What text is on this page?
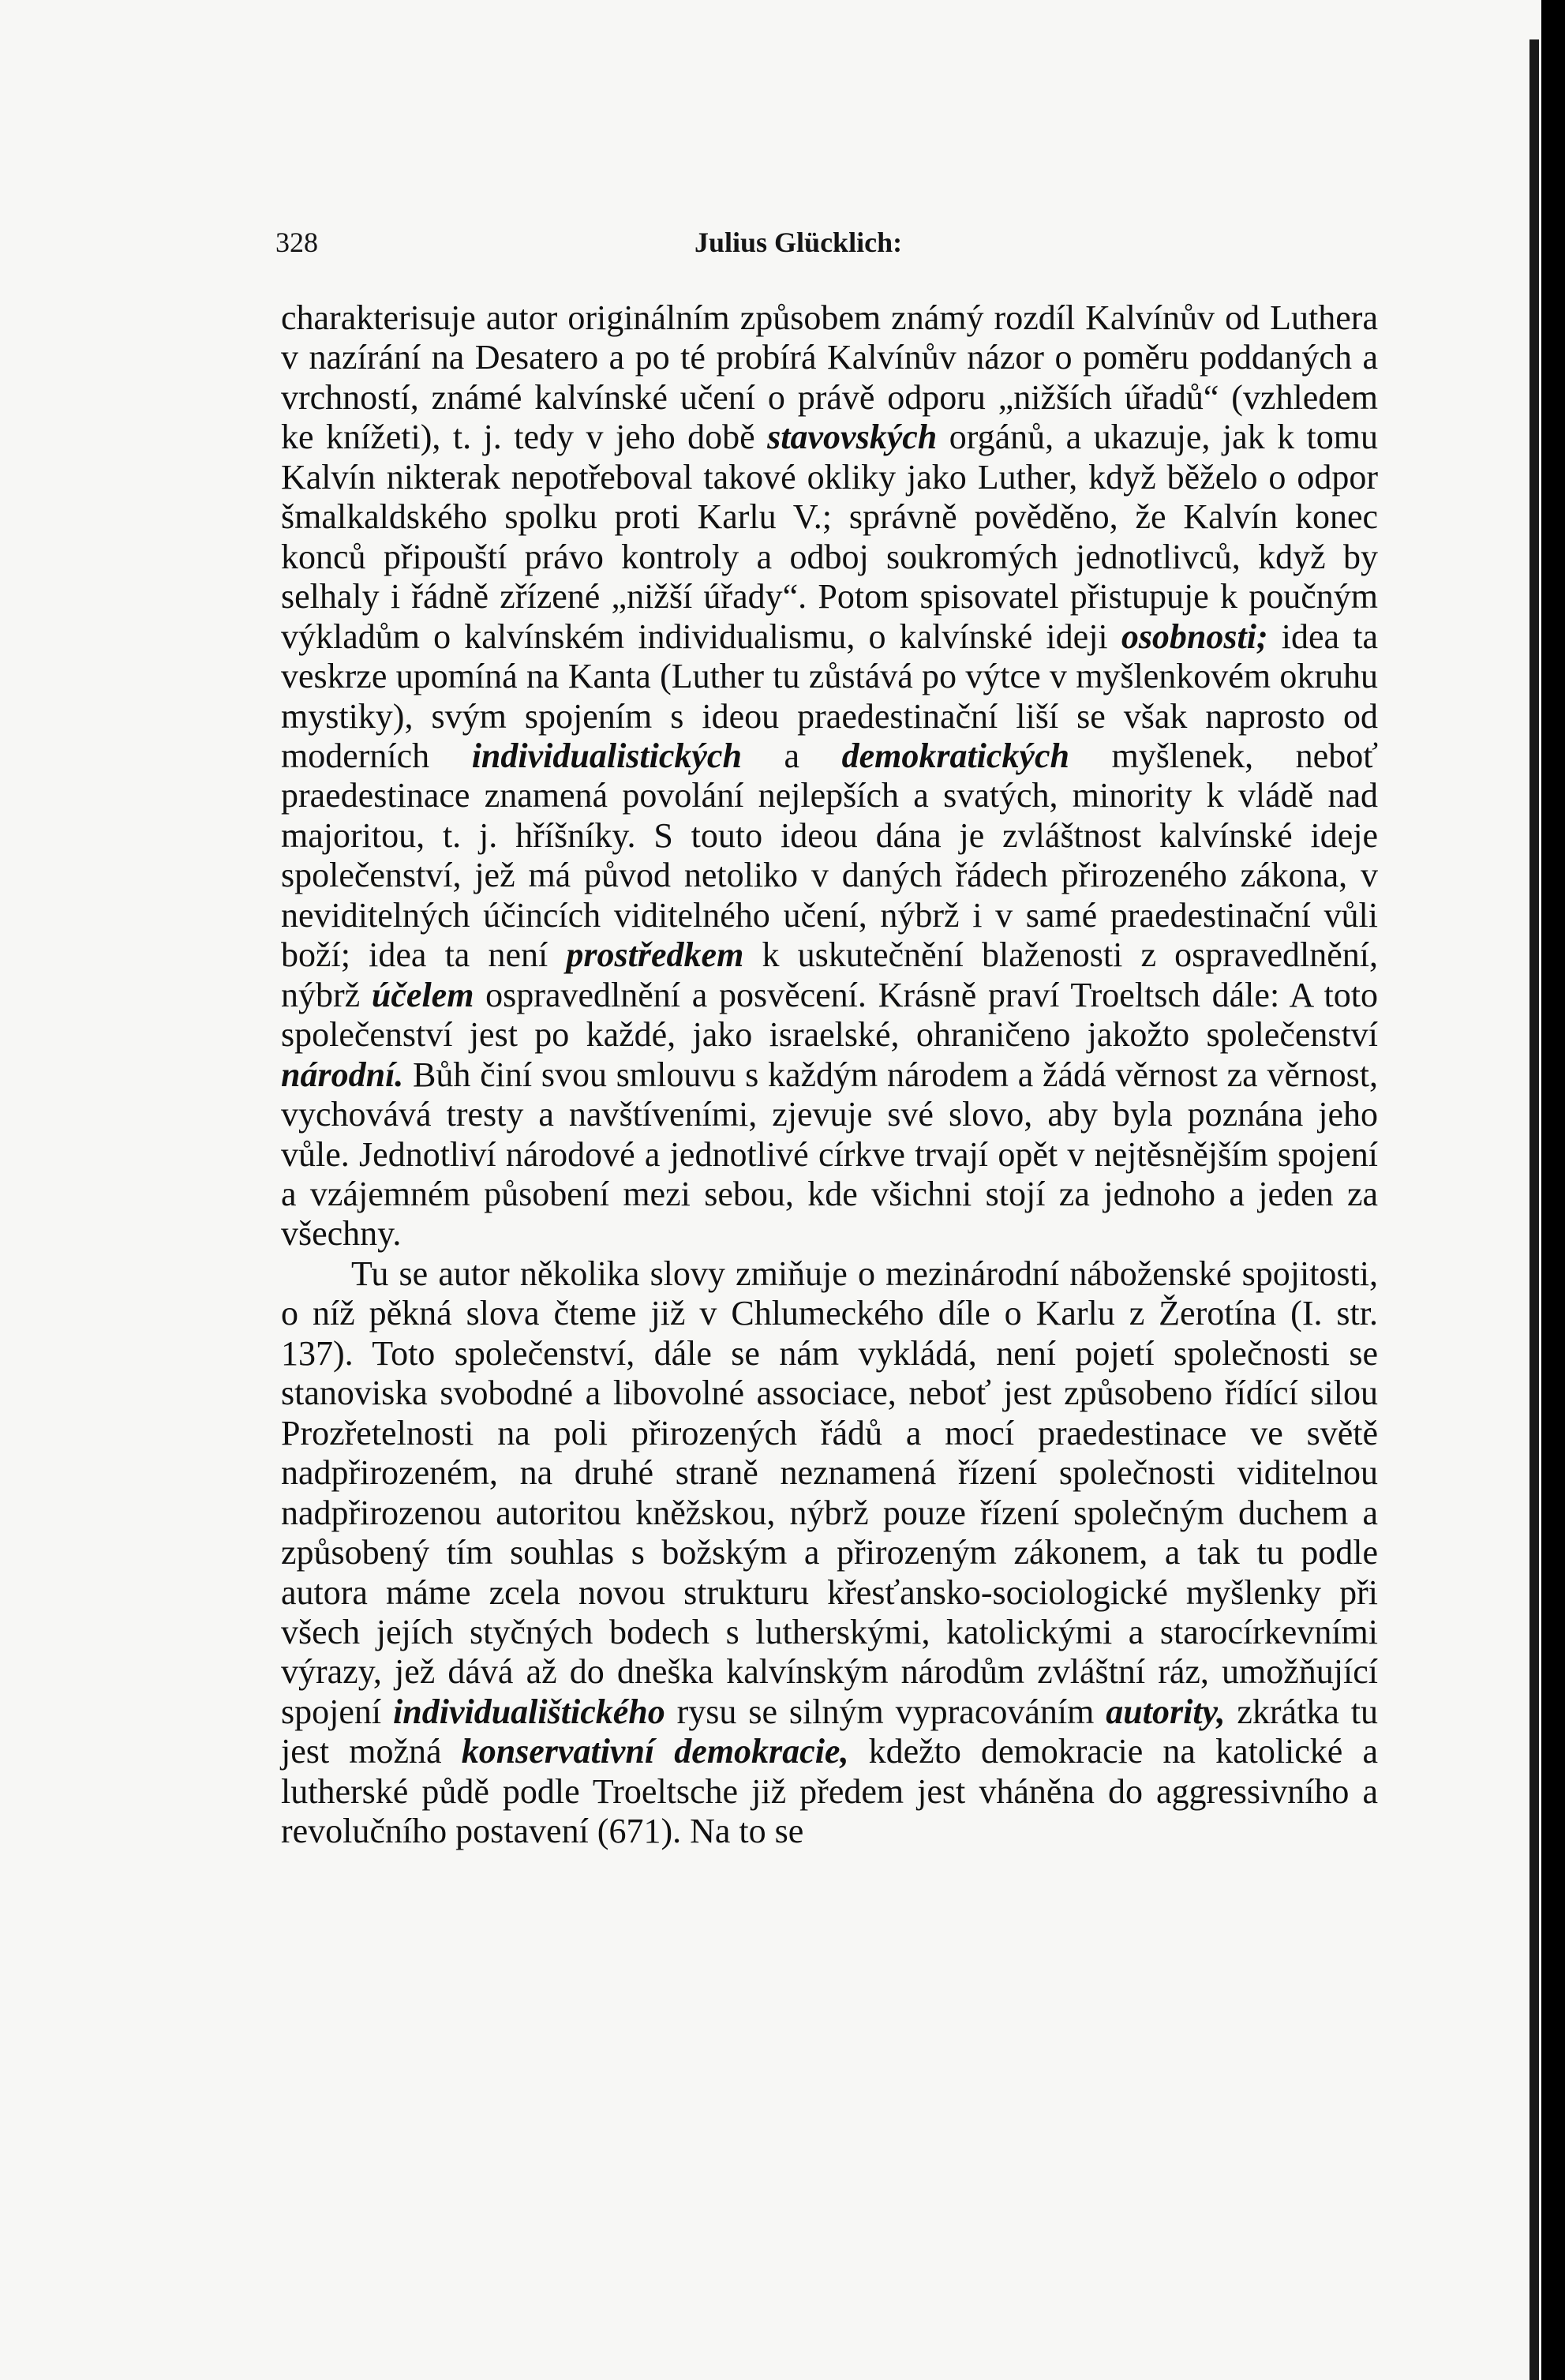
328	Julius Glücklich:

charakterisuje autor originálním způsobem známý rozdíl Kalvínův od Luthera v nazírání na Desatero a po té probírá Kalvínův názor o poměru poddaných a vrchností, známé kalvínské učení o právě odporu „nižších úřadů“ (vzhledem ke knížeti), t. j. tedy v jeho době stavovských orgánů, a ukazuje, jak k tomu Kalvín nikterak nepotřeboval takové okliky jako Luther, když běželo o odpor šmalkaldského spolku proti Karlu V.; správně pověděno, že Kalvín konec konců připouští právo kontroly a odboj soukromých jednotlivců, když by selhaly i řádně zřízené „nižší úřady“. Potom spisovatel přistupuje k poučným výkladům o kalvínském individualismu, o kalvínské ideji osobnosti; idea ta veskrze upomíná na Kanta (Luther tu zůstává po výtce v myšlenkovém okruhu mystiky), svým spojením s ideou praedestinační liší se však naprosto od moderních individualistických a demokratických myšlenek, neboť praedestinace znamená povolání nejlepších a svatých, minority k vládě nad majoritou, t. j. hříšníky. S touto ideou dána je zvláštnost kalvínské ideje společenství, jež má původ netoliko v daných řádech přirozeného zákona, v neviditelných účincích viditelného učení, nýbrž i v samé praedestinační vůli boží; idea ta není prostředkem k uskutečnění blaženosti z ospravedlnění, nýbrž účelem ospravedlnění a posvěcení. Krásně praví Troeltsch dále: A toto společenství jest po každé, jako israelské, ohraničeno jakožto společenství národní. Bůh činí svou smlouvu s každým národem a žádá věrnost za věrnost, vychovává tresty a navštíveními, zjevuje své slovo, aby byla poznána jeho vůle. Jednotliví národové a jednotlivé církve trvají opět v nejtěsnějším spojení a vzájemném působení mezi sebou, kde všichni stojí za jednoho a jeden za všechny.

Tu se autor několika slovy zmiňuje o mezinárodní náboženské spojitosti, o níž pěkná slova čteme již v Chlumeckého díle o Karlu z Žerotína (I. str. 137). Toto společenství, dále se nám vykládá, není pojetí společnosti se stanoviska svobodné a libovolné associace, neboť jest způsobeno řídící silou Prozřetelnosti na poli přirozených řádů a mocí praedestinace ve světě nadpřirozeném, na druhé straně neznamená řízení společnosti viditelnou nadpřirozenou autoritou kněžskou, nýbrž pouze řízení společným duchem a způsobený tím souhlas s božským a přirozeným zákonem, a tak tu podle autora máme zcela novou strukturu křesťansko-sociologické myšlenky při všech jejích styčných bodech s lutherskými, katolickými a starocírkevními výrazy, jež dává až do dneška kalvínským národům zvláštní ráz, umožňující spojení individualištického rysu se silným vypracováním autority, zkrátka tu jest možná konservativní demokracie, kdežto demokracie na katolické a lutherské půdě podle Troeltsche již předem jest vháněna do aggressivního a revolučního postavení (671). Na to se
